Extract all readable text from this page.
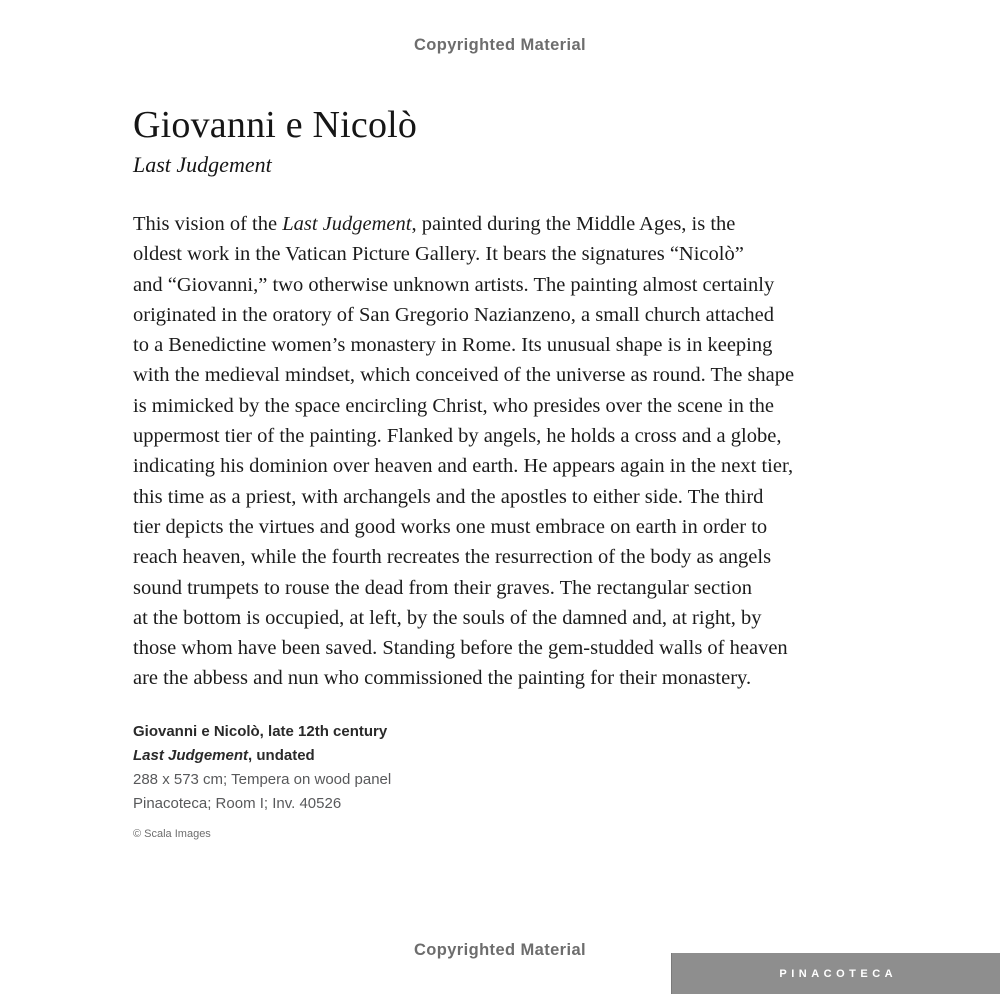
Copyrighted Material
Giovanni e Nicolò
Last Judgement
This vision of the Last Judgement, painted during the Middle Ages, is the
oldest work in the Vatican Picture Gallery. It bears the signatures “Nicolò”
and “Giovanni,” two otherwise unknown artists. The painting almost certainly
originated in the oratory of San Gregorio Nazianzeno, a small church attached
to a Benedictine women’s monastery in Rome. Its unusual shape is in keeping
with the medieval mindset, which conceived of the universe as round. The shape
is mimicked by the space encircling Christ, who presides over the scene in the
uppermost tier of the painting. Flanked by angels, he holds a cross and a globe,
indicating his dominion over heaven and earth. He appears again in the next tier,
this time as a priest, with archangels and the apostles to either side. The third
tier depicts the virtues and good works one must embrace on earth in order to
reach heaven, while the fourth recreates the resurrection of the body as angels
sound trumpets to rouse the dead from their graves. The rectangular section
at the bottom is occupied, at left, by the souls of the damned and, at right, by
those whom have been saved. Standing before the gem-studded walls of heaven
are the abbess and nun who commissioned the painting for their monastery.
Giovanni e Nicolò, late 12th century
Last Judgement, undated
288 x 573 cm; Tempera on wood panel
Pinacoteca; Room I; Inv. 40526
© Scala Images
Copyrighted Material
PINACOTECA
